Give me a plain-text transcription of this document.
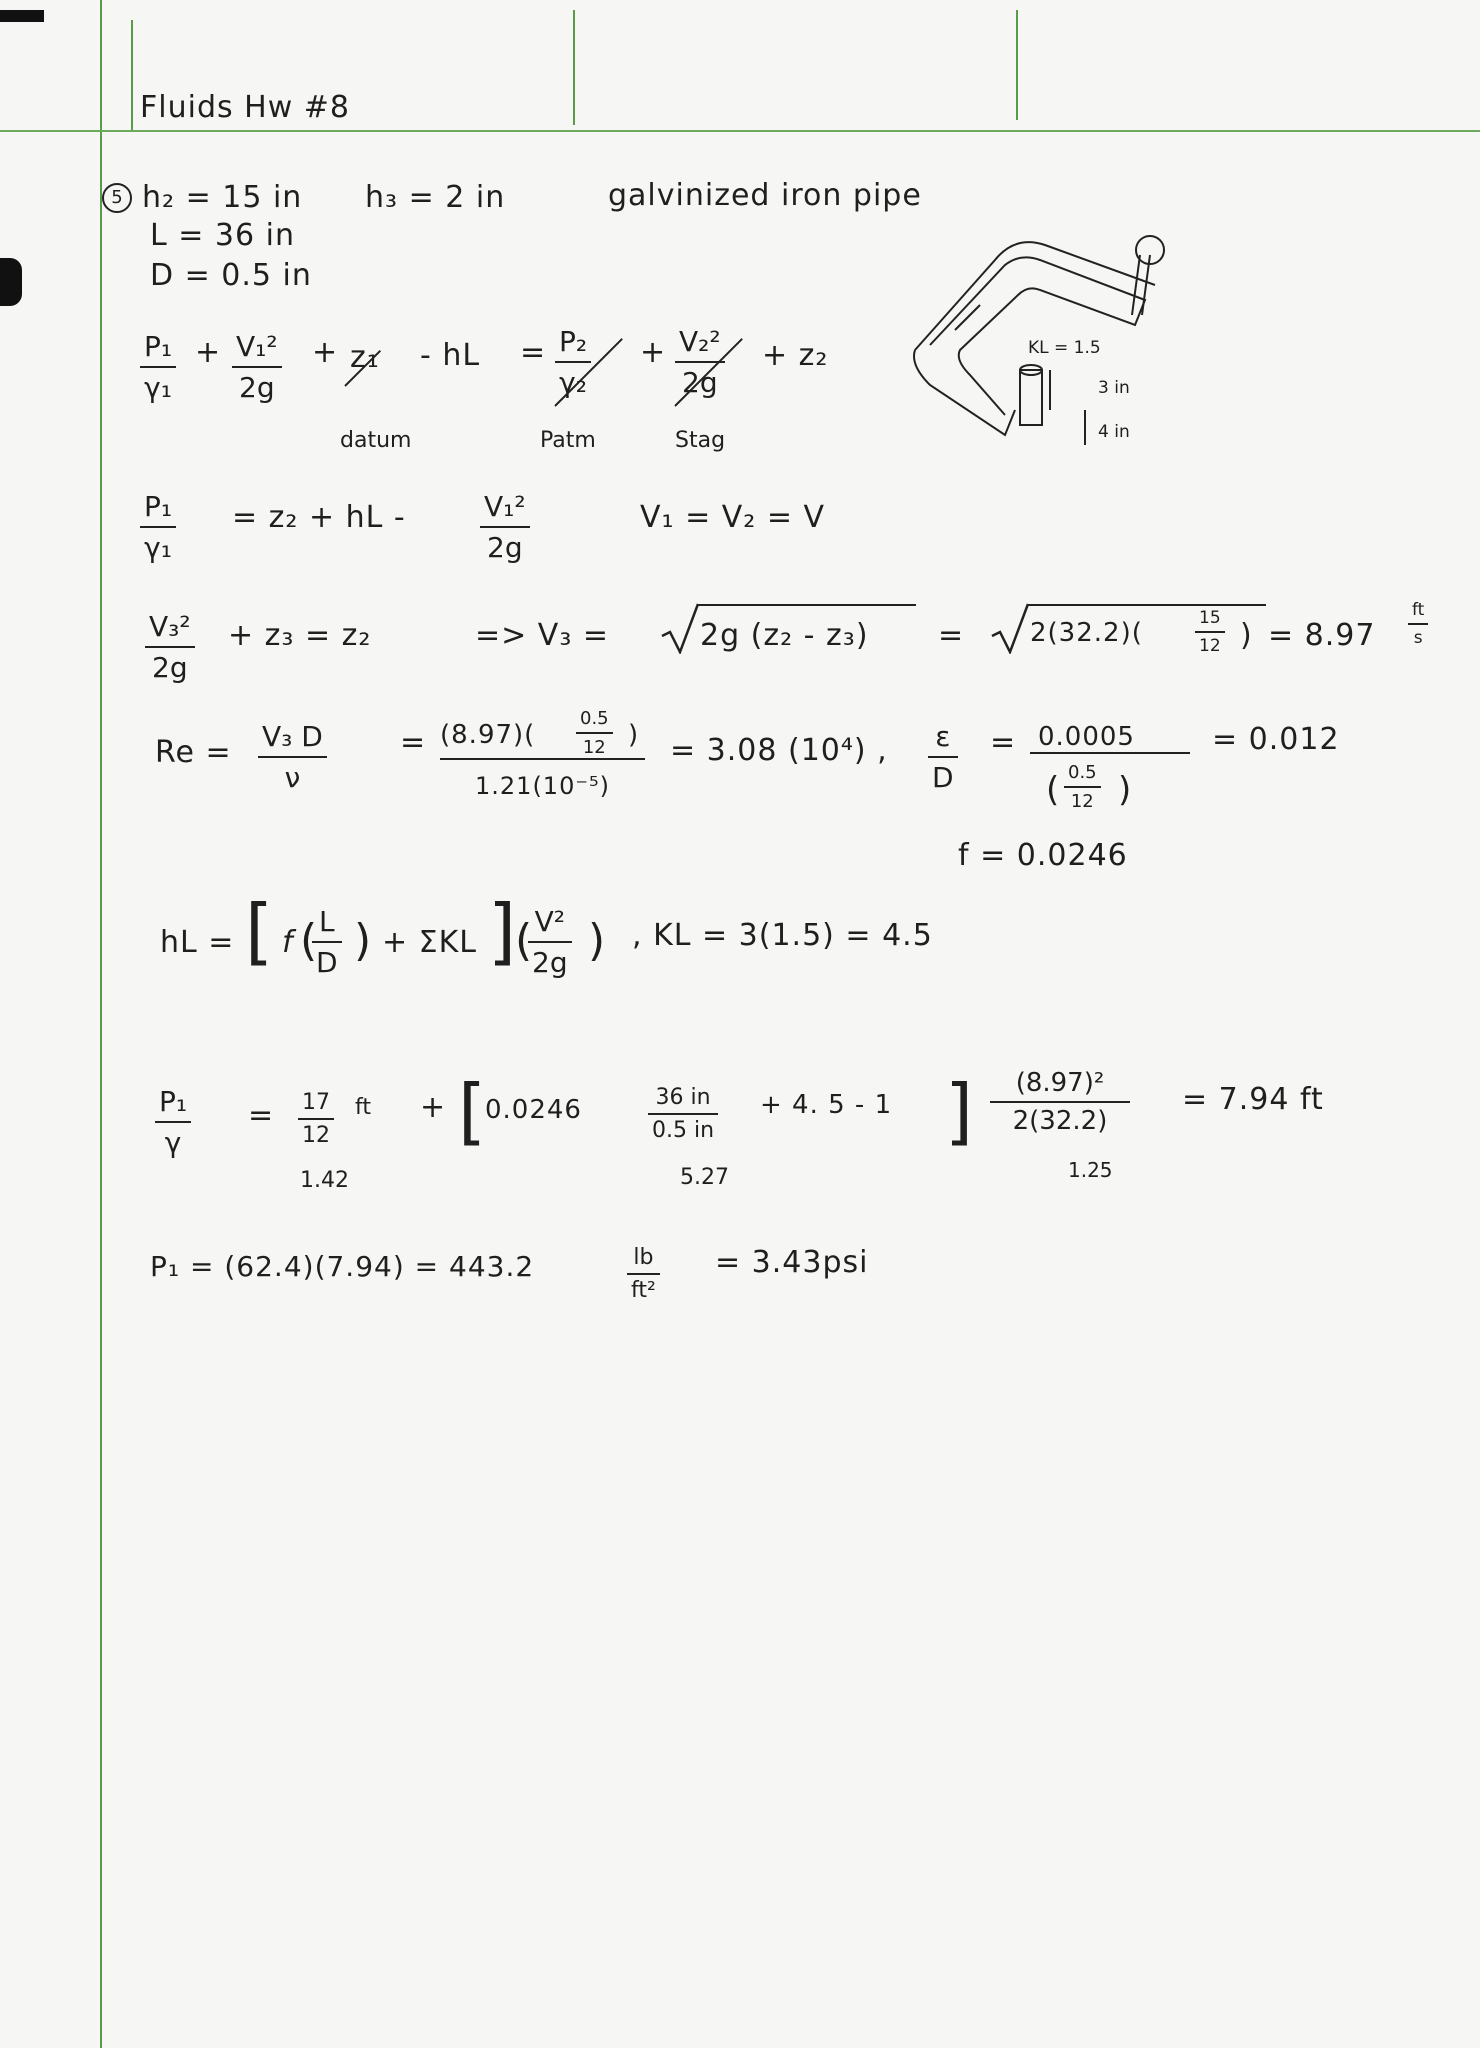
Fluids Hw #8
5 h₂ = 15 in
L = 36 in
D = 0.5 in
h₃ = 2 in	galvinized iron pipe
KL = 1.5
3 in
4 in
P₁
γ₁
+ V₁²
2g
+ z₁ - hL = P₂
γ₂
+ V₂²
2g
+ z₂
datum	Patm	Stag
P₁
γ₁
= z₂ + hL -	V₁²
2g
V₁ = V₂ = V
V₃²
2g
+ z₃ = z₂	=> V₃ =	2g (z₂ - z₃) =	2(32.2)(	15
12 ) = 8.97
ft
s
Re = V₃ D
ν
= (8.97)(
0.5
12 )
1.21(10⁻⁵)
= 3.08 (10⁴) , ε
D
= 0.0005
( 0.5
12 )
= 0.012
f = 0.0246
hL = [ f ( L
D ) + ΣKL ]
( V²
2g ) , KL = 3(1.5) = 4.5
P₁
γ
= 17
12
ft
1.42
+ [
0.0246	36 in
0.5 in
5.27
+ 4. 5 - 1 ] (8.97)²
2(32.2)
1.25
= 7.94 ft
P₁ = (62.4)(7.94) = 443.2	lb
ft²
= 3.43psi
